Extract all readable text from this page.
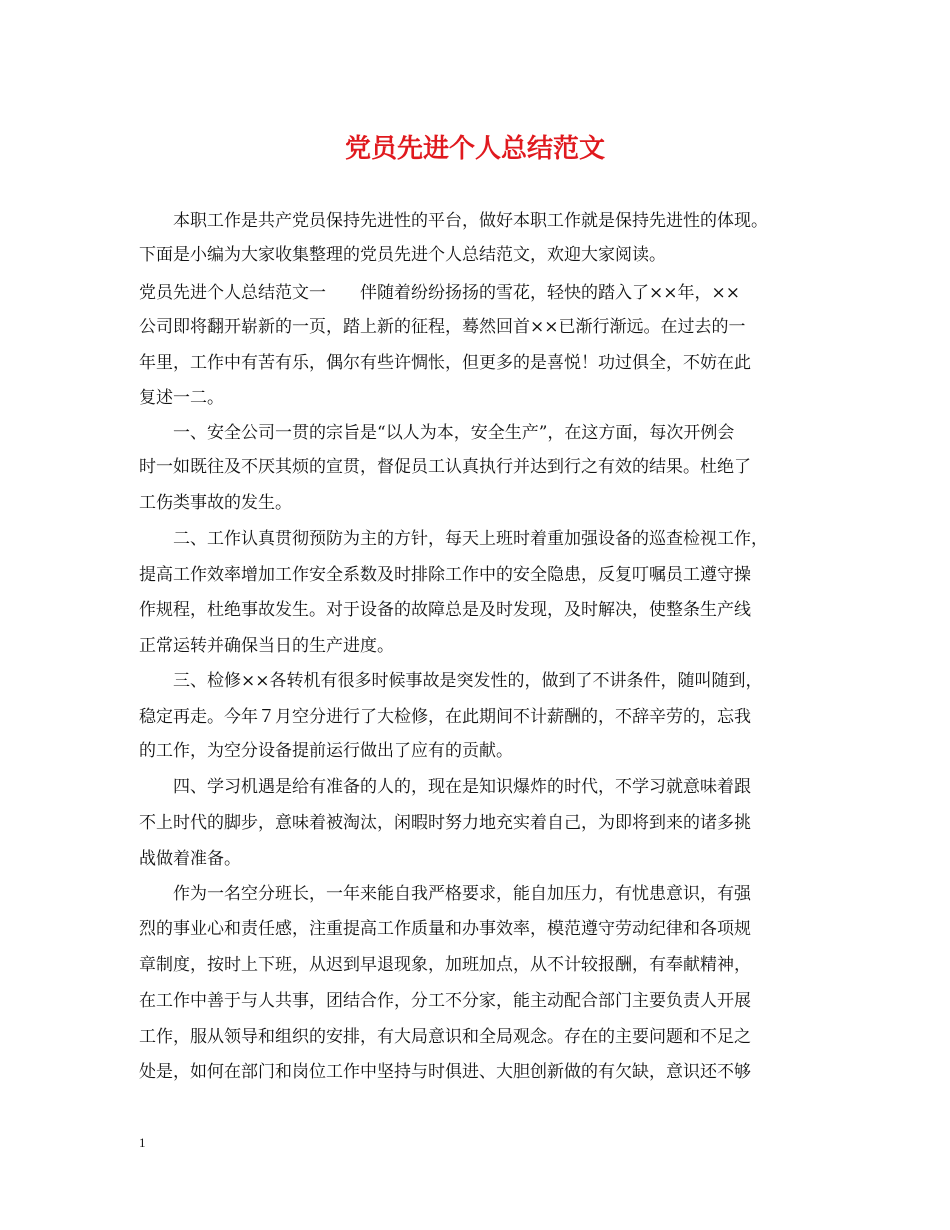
党员先进个人总结范文
　　本职工作是共产党员保持先进性的平台，做好本职工作就是保持先进性的体现。
下面是小编为大家收集整理的党员先进个人总结范文，欢迎大家阅读。
党员先进个人总结范文一　　伴随着纷纷扬扬的雪花，轻快的踏入了××年，××
公司即将翻开崭新的一页，踏上新的征程，蓦然回首××已渐行渐远。在过去的一
年里，工作中有苦有乐，偶尔有些许惆怅，但更多的是喜悦！功过俱全，不妨在此
复述一二。
　　一、安全公司一贯的宗旨是“以人为本，安全生产”，在这方面，每次开例会
时一如既往及不厌其烦的宣贯，督促员工认真执行并达到行之有效的结果。杜绝了
工伤类事故的发生。
　　二、工作认真贯彻预防为主的方针，每天上班时着重加强设备的巡查检视工作，
提高工作效率增加工作安全系数及时排除工作中的安全隐患，反复叮嘱员工遵守操
作规程，杜绝事故发生。对于设备的故障总是及时发现，及时解决，使整条生产线
正常运转并确保当日的生产进度。
　　三、检修××各转机有很多时候事故是突发性的，做到了不讲条件，随叫随到，
稳定再走。今年７月空分进行了大检修，在此期间不计薪酬的，不辞辛劳的，忘我
的工作，为空分设备提前运行做出了应有的贡献。
　　四、学习机遇是给有准备的人的，现在是知识爆炸的时代，不学习就意味着跟
不上时代的脚步，意味着被淘汰，闲暇时努力地充实着自己，为即将到来的诸多挑
战做着准备。
　　作为一名空分班长，一年来能自我严格要求，能自加压力，有忧患意识，有强
烈的事业心和责任感，注重提高工作质量和办事效率，模范遵守劳动纪律和各项规
章制度，按时上下班，从迟到早退现象，加班加点，从不计较报酬，有奉献精神，
在工作中善于与人共事，团结合作，分工不分家，能主动配合部门主要负责人开展
工作，服从领导和组织的安排，有大局意识和全局观念。存在的主要问题和不足之
处是，如何在部门和岗位工作中坚持与时俱进、大胆创新做的有欠缺，意识还不够
1
